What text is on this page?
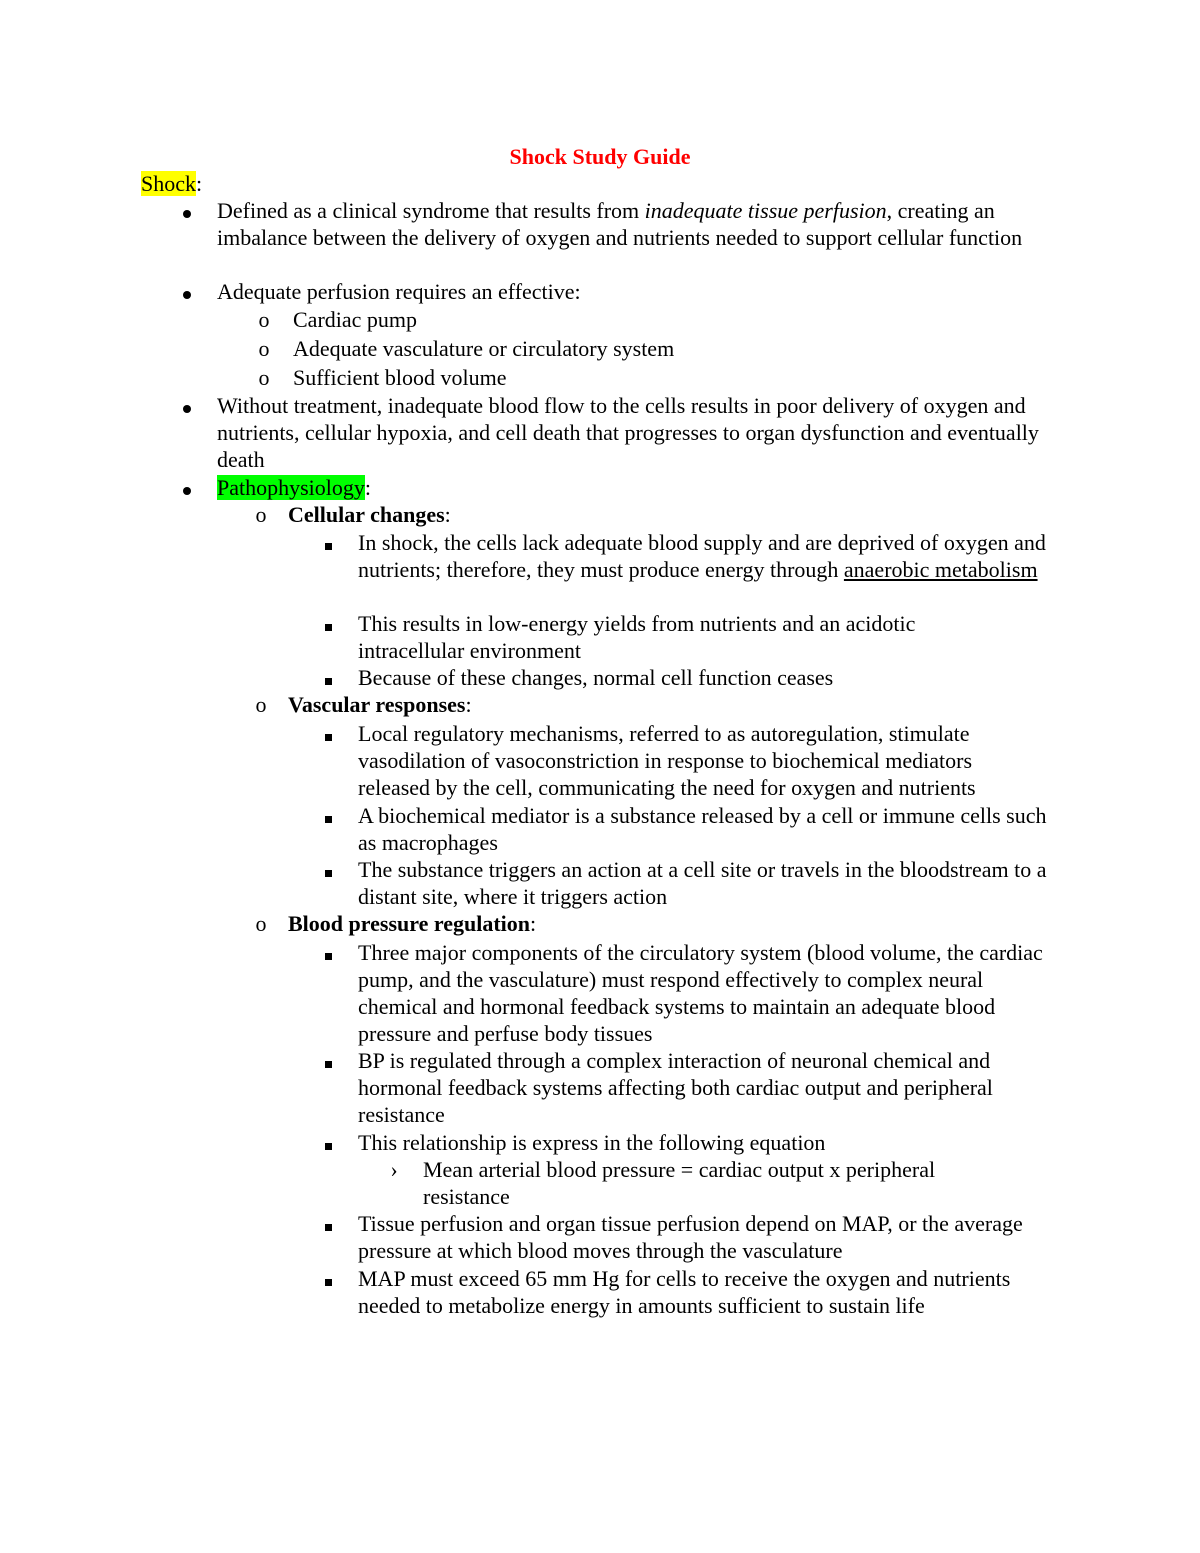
Shock Study Guide
Shock:
Defined as a clinical syndrome that results from inadequate tissue perfusion, creating an imbalance between the delivery of oxygen and nutrients needed to support cellular function
Adequate perfusion requires an effective:
o Cardiac pump
o Adequate vasculature or circulatory system
o Sufficient blood volume
Without treatment, inadequate blood flow to the cells results in poor delivery of oxygen and nutrients, cellular hypoxia, and cell death that progresses to organ dysfunction and eventually death
Pathophysiology:
o Cellular changes:
In shock, the cells lack adequate blood supply and are deprived of oxygen and nutrients; therefore, they must produce energy through anaerobic metabolism
This results in low-energy yields from nutrients and an acidotic intracellular environment
Because of these changes, normal cell function ceases
o Vascular responses:
Local regulatory mechanisms, referred to as autoregulation, stimulate vasodilation of vasoconstriction in response to biochemical mediators released by the cell, communicating the need for oxygen and nutrients
A biochemical mediator is a substance released by a cell or immune cells such as macrophages
The substance triggers an action at a cell site or travels in the bloodstream to a distant site, where it triggers action
o Blood pressure regulation:
Three major components of the circulatory system (blood volume, the cardiac pump, and the vasculature) must respond effectively to complex neural chemical and hormonal feedback systems to maintain an adequate blood pressure and perfuse body tissues
BP is regulated through a complex interaction of neuronal chemical and hormonal feedback systems affecting both cardiac output and peripheral resistance
This relationship is express in the following equation
› Mean arterial blood pressure = cardiac output x peripheral resistance
Tissue perfusion and organ tissue perfusion depend on MAP, or the average pressure at which blood moves through the vasculature
MAP must exceed 65 mm Hg for cells to receive the oxygen and nutrients needed to metabolize energy in amounts sufficient to sustain life
